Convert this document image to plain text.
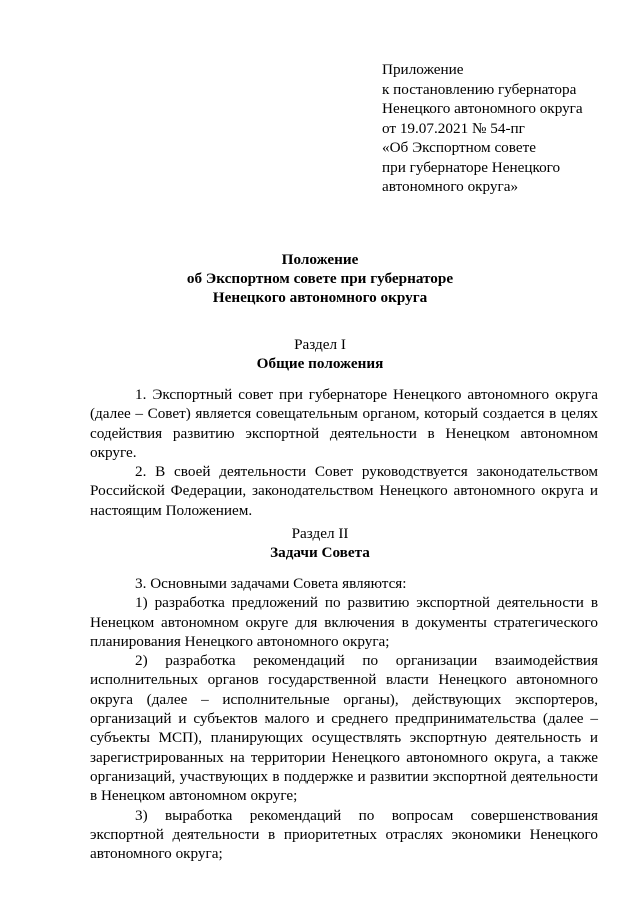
Приложение
к постановлению губернатора
Ненецкого автономного округа
от 19.07.2021 № 54-пг
«Об Экспортном совете
при губернаторе Ненецкого
автономного округа»
Положение
об Экспортном совете при губернаторе
Ненецкого автономного округа
Раздел I
Общие положения

1. Экспортный совет при губернаторе Ненецкого автономного округа (далее – Совет) является совещательным органом, который создается в целях содействия развитию экспортной деятельности в Ненецком автономном округе.

2. В своей деятельности Совет руководствуется законодательством Российской Федерации, законодательством Ненецкого автономного округа и настоящим Положением.

Раздел II
Задачи Совета

3. Основными задачами Совета являются:

1) разработка предложений по развитию экспортной деятельности в Ненецком автономном округе для включения в документы стратегического планирования Ненецкого автономного округа;

2) разработка рекомендаций по организации взаимодействия исполнительных органов государственной власти Ненецкого автономного округа (далее – исполнительные органы), действующих экспортеров, организаций и субъектов малого и среднего предпринимательства (далее – субъекты МСП), планирующих осуществлять экспортную деятельность и зарегистрированных на территории Ненецкого автономного округа, а также организаций, участвующих в поддержке и развитии экспортной деятельности в Ненецком автономном округе;

3) выработка рекомендаций по вопросам совершенствования экспортной деятельности в приоритетных отраслях экономики Ненецкого автономного округа;
